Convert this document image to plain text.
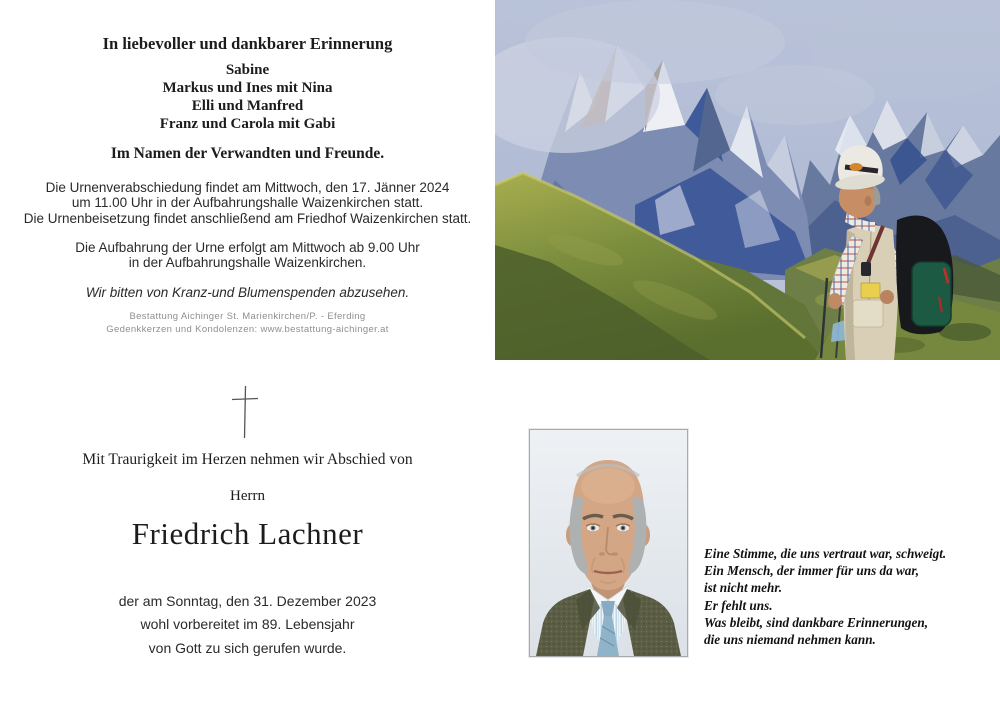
In liebevoller und dankbarer Erinnerung
Sabine
Markus und Ines mit Nina
Elli und Manfred
Franz und Carola mit Gabi
Im Namen der Verwandten und Freunde.
Die Urnenverabschiedung findet am Mittwoch, den 17. Jänner 2024
um 11.00 Uhr in der Aufbahrungshalle Waizenkirchen statt.
Die Urnenbeisetzung findet anschließend am Friedhof Waizenkirchen statt.
Die Aufbahrung der Urne erfolgt am Mittwoch ab 9.00 Uhr
in der Aufbahrungshalle Waizenkirchen.
Wir bitten von Kranz-und Blumenspenden abzusehen.
Bestattung Aichinger St. Marienkirchen/P. - Eferding
Gedenkkerzen und Kondolenzen: www.bestattung-aichinger.at
Mit Traurigkeit im Herzen nehmen wir Abschied von
Herrn
Friedrich Lachner
der am Sonntag, den 31. Dezember 2023
wohl vorbereitet im 89. Lebensjahr
von Gott zu sich gerufen wurde.
Eine Stimme, die uns vertraut war, schweigt.
Ein Mensch, der immer für uns da war,
ist nicht mehr.
Er fehlt uns.
Was bleibt, sind dankbare Erinnerungen,
die uns niemand nehmen kann.
